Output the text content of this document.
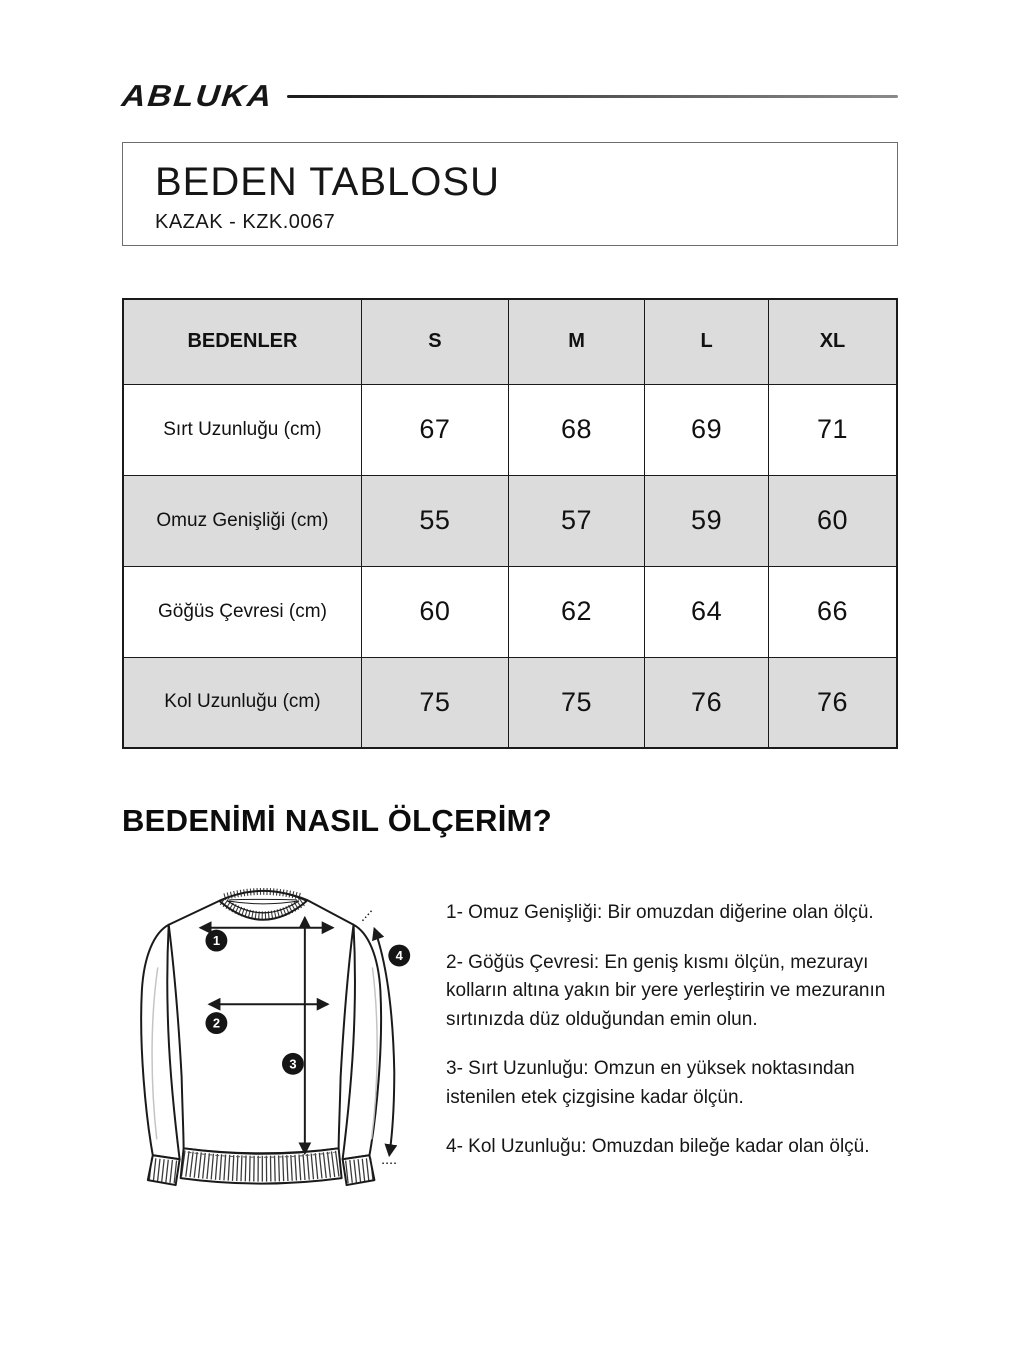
ABLUKA
BEDEN TABLOSU
KAZAK - KZK.0067
BEDENLER	S	M	L	XL
Sırt Uzunluğu (cm)	67	68	69	71
Omuz Genişliği (cm)	55	57	59	60
Göğüs Çevresi (cm)	60	62	64	66
Kol Uzunluğu (cm)	75	75	76	76
BEDENİMİ NASIL ÖLÇERİM?
1
2
3
4

1- Omuz Genişliği: Bir omuzdan diğerine olan ölçü.

2- Göğüs Çevresi: En geniş kısmı ölçün, mezurayı kolların altına yakın bir yere yerleştirin ve mezuranın sırtınızda düz olduğundan emin olun.

3- Sırt Uzunluğu: Omzun en yüksek noktasından istenilen etek çizgisine kadar ölçün.

4- Kol Uzunluğu: Omuzdan bileğe kadar olan ölçü.
